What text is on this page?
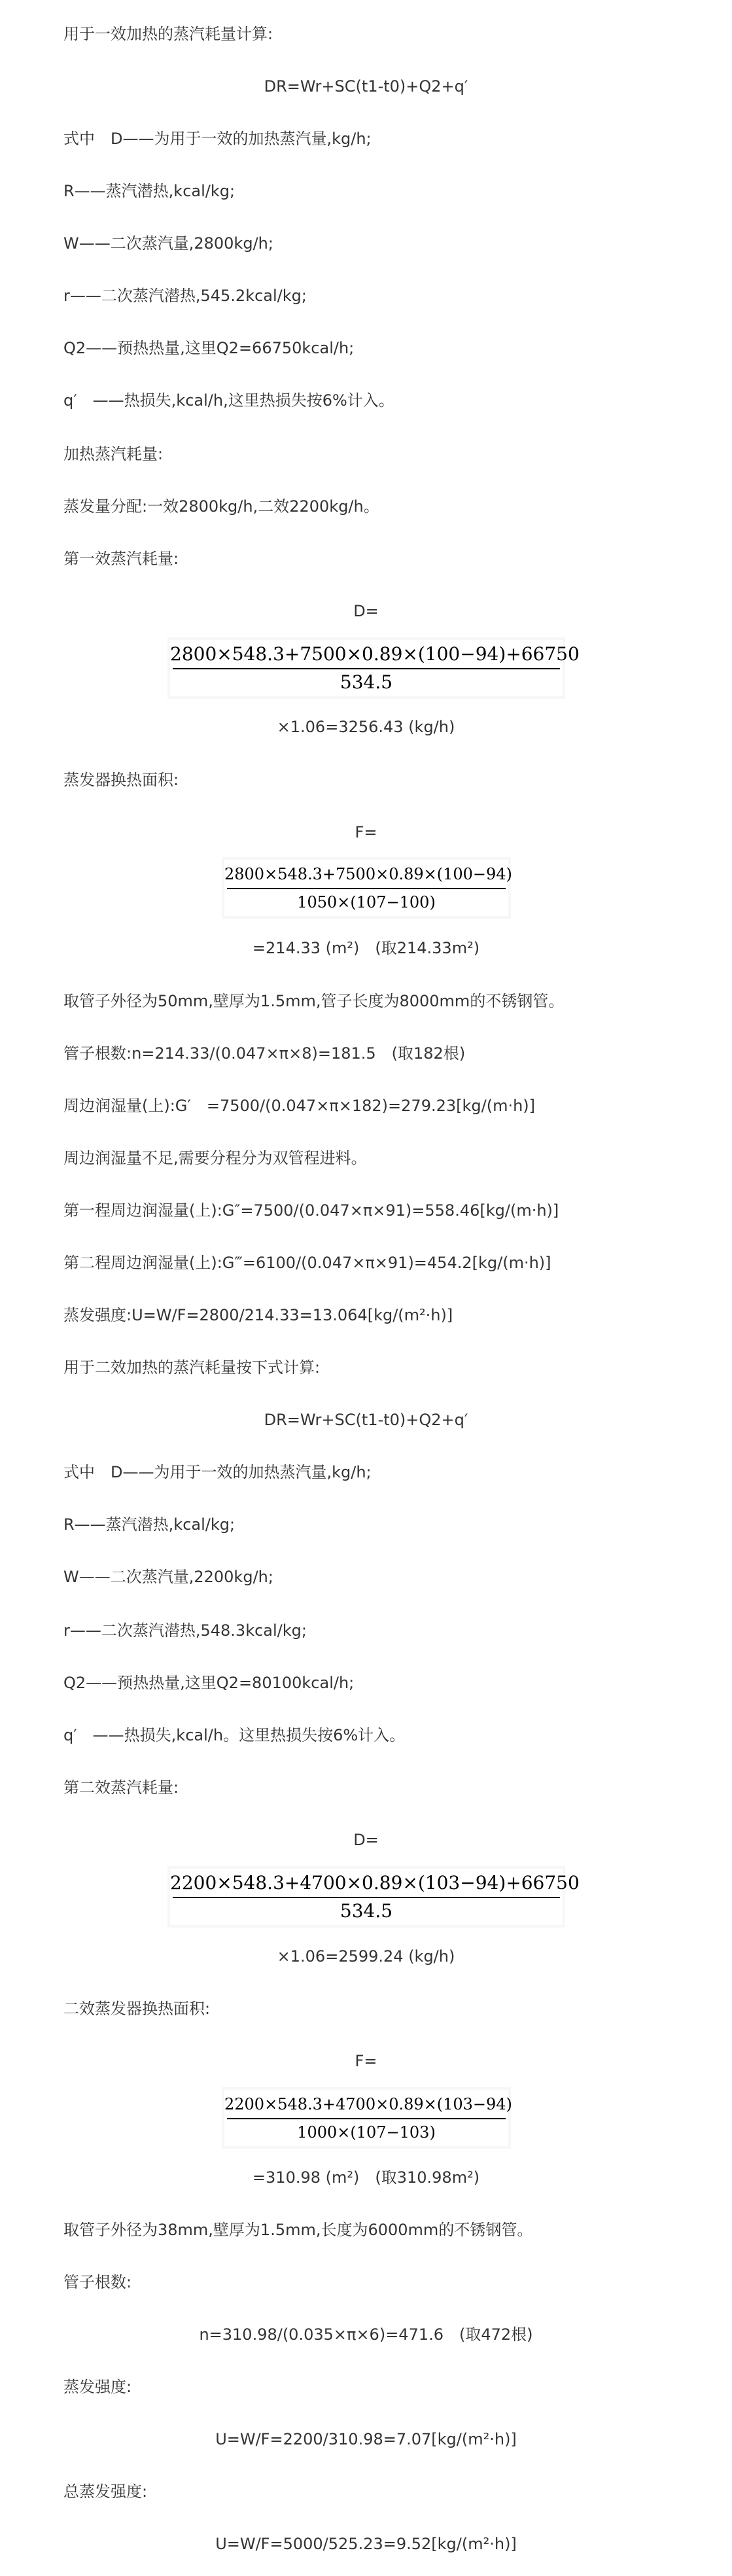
用于一效加热的蒸汽耗量计算:
DR=Wr+SC(t1-t0)+Q2+q′
式中　D——为用于一效的加热蒸汽量,kg/h;
R——蒸汽潜热,kcal/kg;
W——二次蒸汽量,2800kg/h;
r——二次蒸汽潜热,545.2kcal/kg;
Q2——预热热量,这里Q2=66750kcal/h;
q′　——热损失,kcal/h,这里热损失按6%计入。
加热蒸汽耗量:
蒸发量分配:一效2800kg/h,二效2200kg/h。
第一效蒸汽耗量:
D=
×1.06=3256.43 (kg/h)
蒸发器换热面积:
F=
=214.33 (m²)　(取214.33m²)
取管子外径为50mm,壁厚为1.5mm,管子长度为8000mm的不锈钢管。
管子根数:n=214.33/(0.047×π×8)=181.5　(取182根)
周边润湿量(上):G′　=7500/(0.047×π×182)=279.23[kg/(m·h)]
周边润湿量不足,需要分程分为双管程进料。
第一程周边润湿量(上):G″=7500/(0.047×π×91)=558.46[kg/(m·h)]
第二程周边润湿量(上):G‴=6100/(0.047×π×91)=454.2[kg/(m·h)]
蒸发强度:U=W/F=2800/214.33=13.064[kg/(m²·h)]
用于二效加热的蒸汽耗量按下式计算:
DR=Wr+SC(t1-t0)+Q2+q′
式中　D——为用于一效的加热蒸汽量,kg/h;
R——蒸汽潜热,kcal/kg;
W——二次蒸汽量,2200kg/h;
r——二次蒸汽潜热,548.3kcal/kg;
Q2——预热热量,这里Q2=80100kcal/h;
q′　——热损失,kcal/h。这里热损失按6%计入。
第二效蒸汽耗量:
D=
×1.06=2599.24 (kg/h)
二效蒸发器换热面积:
F=
=310.98 (m²)　(取310.98m²)
取管子外径为38mm,壁厚为1.5mm,长度为6000mm的不锈钢管。
管子根数:
n=310.98/(0.035×π×6)=471.6　(取472根)
蒸发强度:
U=W/F=2200/310.98=7.07[kg/(m²·h)]
总蒸发强度:
U=W/F=5000/525.23=9.52[kg/(m²·h)]
2800×548.3+7500×0.89×(100−94)+66750
534.5
2800×548.3+7500×0.89×(100−94)
1050×(107−100)
2200×548.3+4700×0.89×(103−94)+66750
534.5
2200×548.3+4700×0.89×(103−94)
1000×(107−103)
